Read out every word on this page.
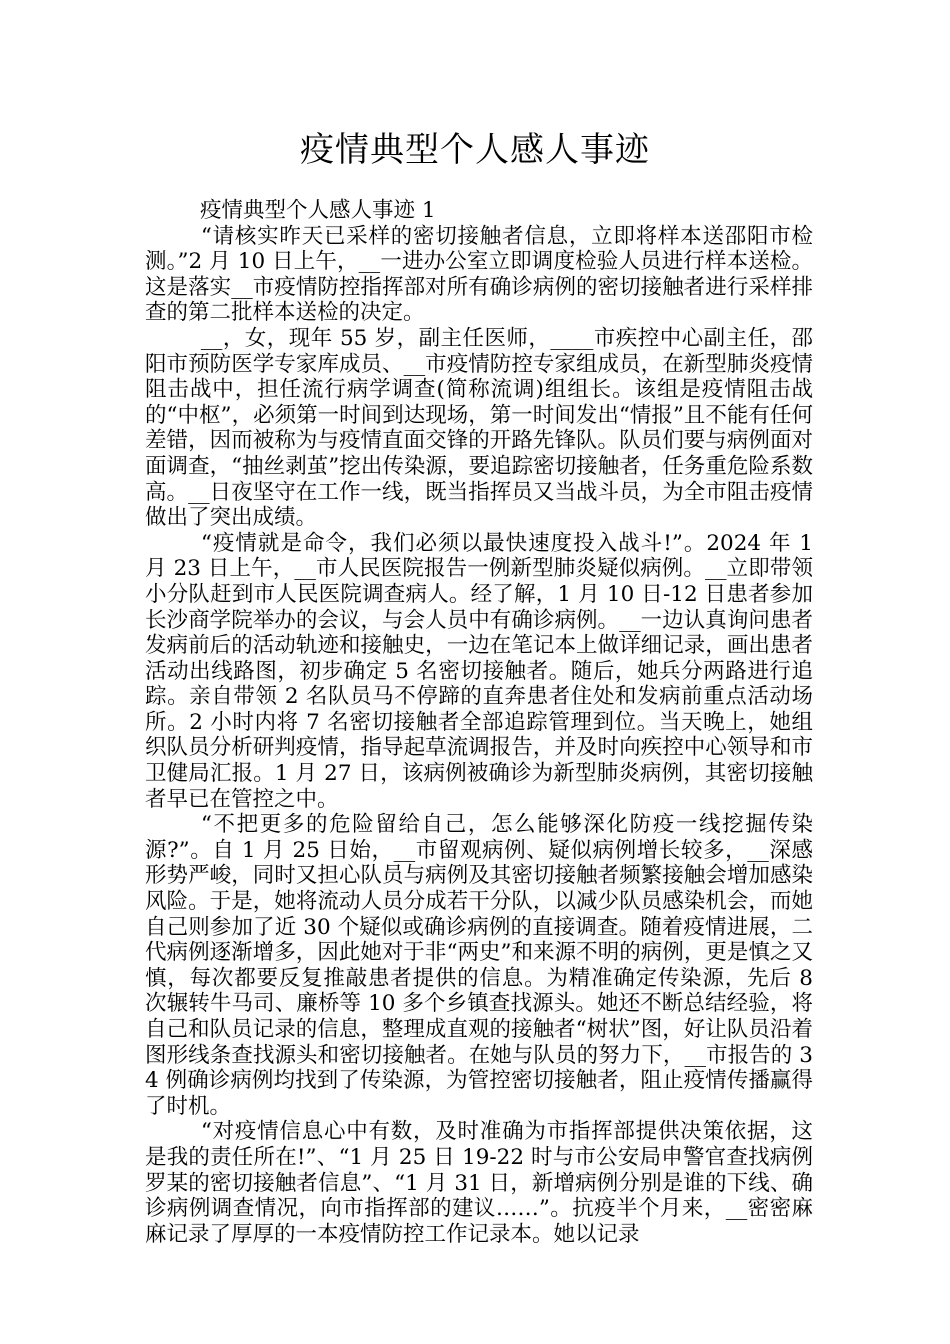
疫情典型个人感人事迹

疫情典型个人感人事迹 1

“请核实昨天已采样的密切接触者信息，立即将样本送邵阳市检测。”2 月 10 日上午，__一进办公室立即调度检验人员进行样本送检。这是落实__市疫情防控指挥部对所有确诊病例的密切接触者进行采样排查的第二批样本送检的决定。

__，女，现年 55 岁，副主任医师，____市疾控中心副主任，邵阳市预防医学专家库成员、__市疫情防控专家组成员，在新型肺炎疫情阻击战中，担任流行病学调查(简称流调)组组长。该组是疫情阻击战的“中枢”，必须第一时间到达现场，第一时间发出“情报”且不能有任何差错，因而被称为与疫情直面交锋的开路先锋队。队员们要与病例面对面调查，“抽丝剥茧”挖出传染源，要追踪密切接触者，任务重危险系数高。__日夜坚守在工作一线，既当指挥员又当战斗员，为全市阻击疫情做出了突出成绩。

“疫情就是命令，我们必须以最快速度投入战斗!”。2024 年 1 月 23 日上午，__市人民医院报告一例新型肺炎疑似病例。__立即带领小分队赶到市人民医院调查病人。经了解，1 月 10 日-12 日患者参加长沙商学院举办的会议，与会人员中有确诊病例。__一边认真询问患者发病前后的活动轨迹和接触史，一边在笔记本上做详细记录，画出患者活动出线路图，初步确定 5 名密切接触者。随后，她兵分两路进行追踪。亲自带领 2 名队员马不停蹄的直奔患者住处和发病前重点活动场所。2 小时内将 7 名密切接触者全部追踪管理到位。当天晚上，她组织队员分析研判疫情，指导起草流调报告，并及时向疾控中心领导和市卫健局汇报。1 月 27 日，该病例被确诊为新型肺炎病例，其密切接触者早已在管控之中。

“不把更多的危险留给自己，怎么能够深化防疫一线挖掘传染源?”。自 1 月 25 日始，__市留观病例、疑似病例增长较多，__深感形势严峻，同时又担心队员与病例及其密切接触者频繁接触会增加感染风险。于是，她将流动人员分成若干分队，以减少队员感染机会，而她自己则参加了近 30 个疑似或确诊病例的直接调查。随着疫情进展，二代病例逐渐增多，因此她对于非“两史”和来源不明的病例，更是慎之又慎，每次都要反复推敲患者提供的信息。为精准确定传染源，先后 8 次辗转牛马司、廉桥等 10 多个乡镇查找源头。她还不断总结经验，将自己和队员记录的信息，整理成直观的接触者“树状”图，好让队员沿着图形线条查找源头和密切接触者。在她与队员的努力下，__市报告的 34 例确诊病例均找到了传染源，为管控密切接触者，阻止疫情传播赢得了时机。

“对疫情信息心中有数，及时准确为市指挥部提供决策依据，这是我的责任所在!”、“1 月 25 日 19-22 时与市公安局申警官查找病例罗某的密切接触者信息”、“1 月 31 日，新增病例分别是谁的下线、确诊病例调查情况，向市指挥部的建议……”。抗疫半个月来，__密密麻麻记录了厚厚的一本疫情防控工作记录本。她以记录
